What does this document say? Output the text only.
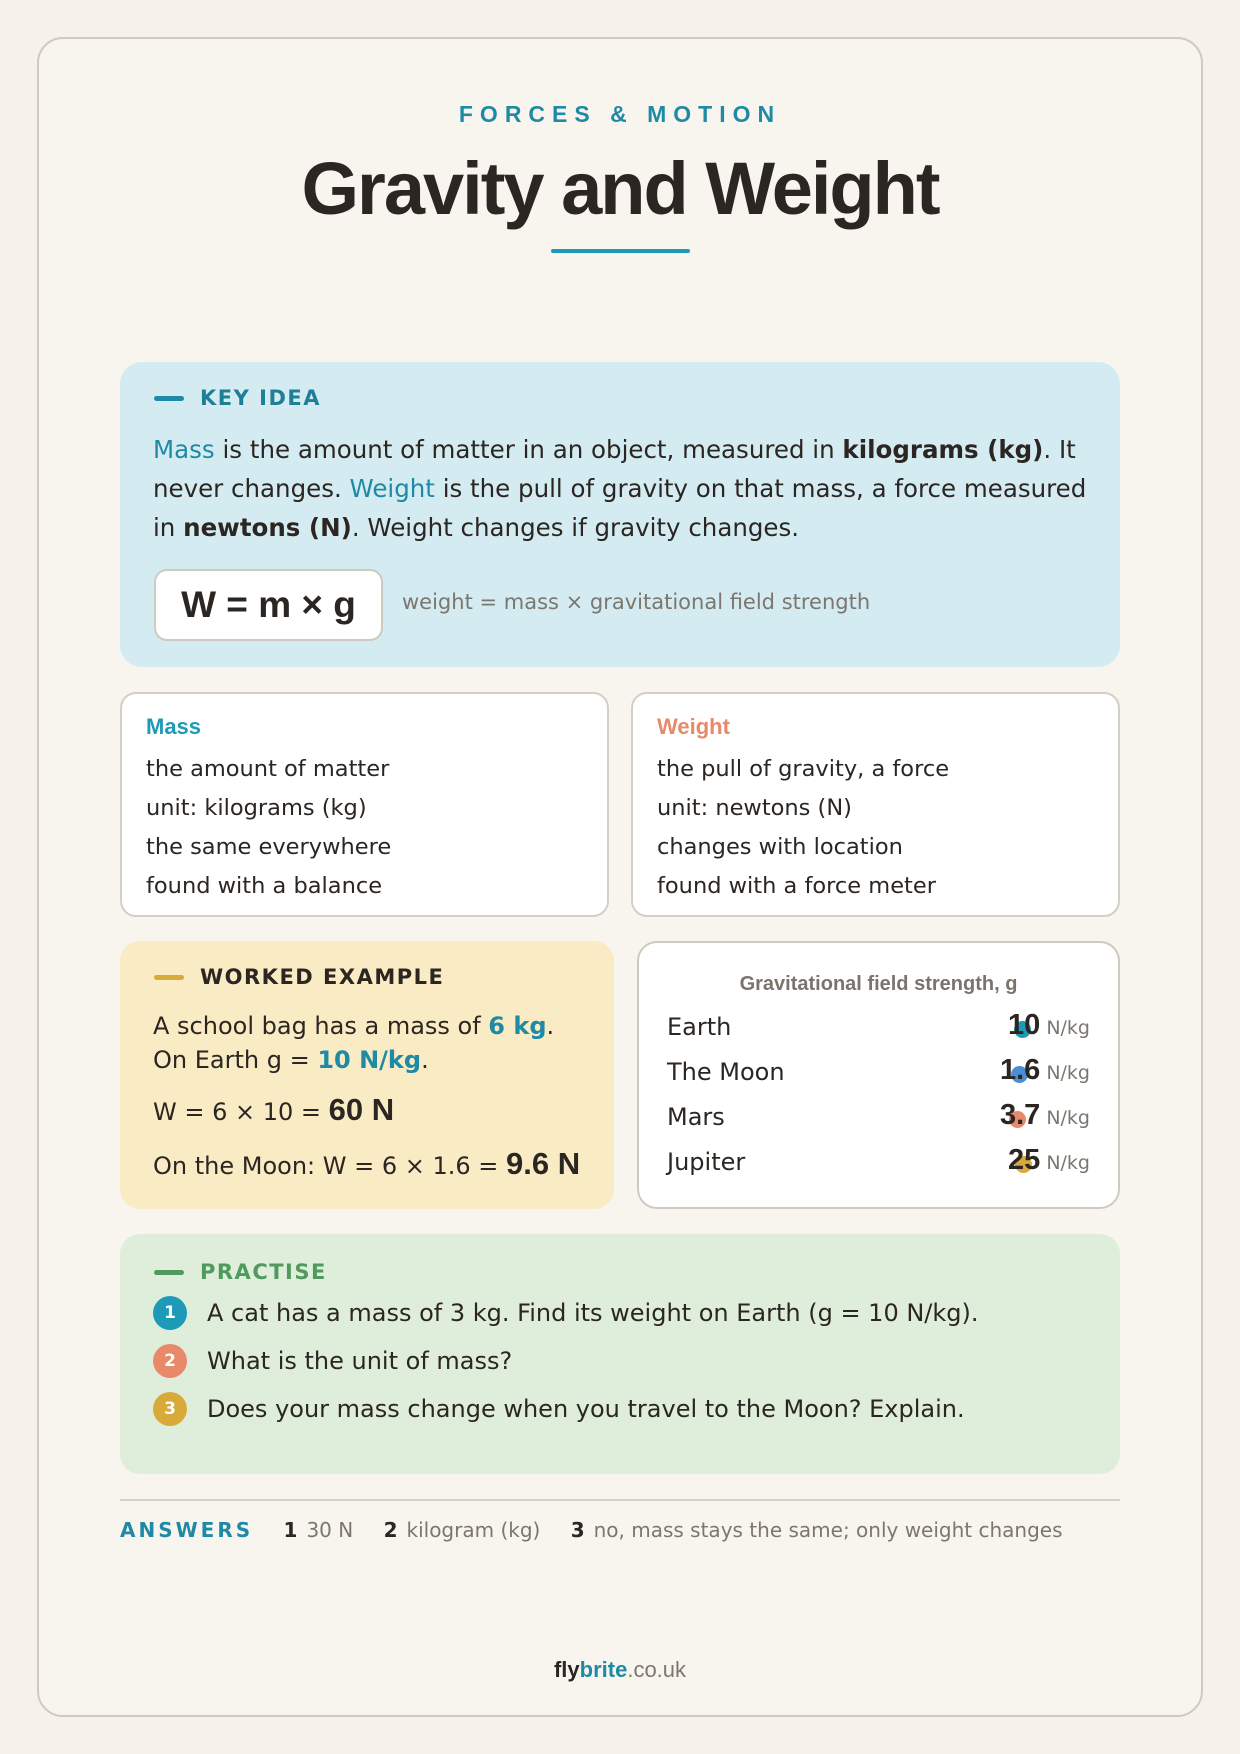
FORCES & MOTION
Gravity and Weight
KEY IDEA

Mass is the amount of matter in an object, measured in kilograms (kg). It never changes. Weight is the pull of gravity on that mass, a force measured in newtons (N). Weight changes if gravity changes.

W = m × g	weight = mass × gravitational field strength
Mass
the amount of matter
unit: kilograms (kg)
the same everywhere
found with a balance
Weight
the pull of gravity, a force
unit: newtons (N)
changes with location
found with a force meter
WORKED EXAMPLE
A school bag has a mass of 6 kg.
On Earth g = 10 N/kg.
W = 6 × 10 = 60 N
On the Moon: W = 6 × 1.6 = 9.6 N
Gravitational field strength, g
Earth	10 N/kg
The Moon	1.6 N/kg
Mars	3.7 N/kg
Jupiter	25 N/kg
PRACTISE
1	A cat has a mass of 3 kg. Find its weight on Earth (g = 10 N/kg).
2	What is the unit of mass?
3	Does your mass change when you travel to the Moon? Explain.
ANSWERS 1 30 N 2 kilogram (kg) 3 no, mass stays the same; only weight changes
flybrite.co.uk
